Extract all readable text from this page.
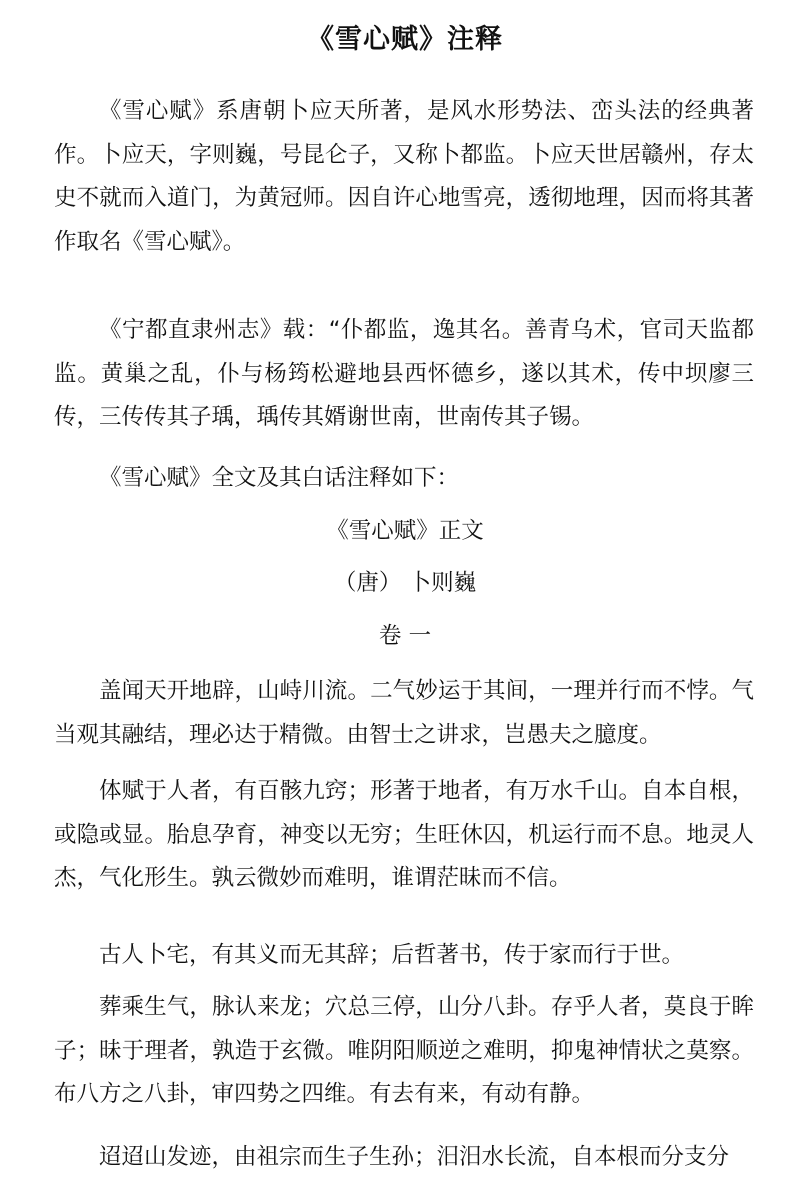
《雪心赋》注释

《雪心赋》系唐朝卜应天所著，是风水形势法、峦头法的经典著作。卜应天，字则巍，号昆仑子，又称卜都监。卜应天世居赣州，存太史不就而入道门，为黄冠师。因自许心地雪亮，透彻地理，因而将其著作取名《雪心赋》。

《宁都直隶州志》载：“仆都监，逸其名。善青乌术，官司天监都监。黄巢之乱，仆与杨筠松避地县西怀德乡，遂以其术，传中坝廖三传，三传传其子瑀，瑀传其婿谢世南，世南传其子锡。

《雪心赋》全文及其白话注释如下：

《雪心赋》正文

（唐） 卜则巍

卷 一

盖闻天开地辟，山峙川流。二气妙运于其间，一理并行而不悖。气当观其融结，理必达于精微。由智士之讲求，岂愚夫之臆度。

体赋于人者，有百骸九窍；形著于地者，有万水千山。自本自根，或隐或显。胎息孕育，神变以无穷；生旺休囚，机运行而不息。地灵人杰，气化形生。孰云微妙而难明，谁谓茫昧而不信。

古人卜宅，有其义而无其辞；后哲著书，传于家而行于世。

葬乘生气，脉认来龙；穴总三停，山分八卦。存乎人者，莫良于眸子；昧于理者，孰造于玄微。唯阴阳顺逆之难明，抑鬼神情状之莫察。布八方之八卦，审四势之四维。有去有来，有动有静。

迢迢山发迹，由祖宗而生子生孙；汨汨水长流，自本根而分支分
